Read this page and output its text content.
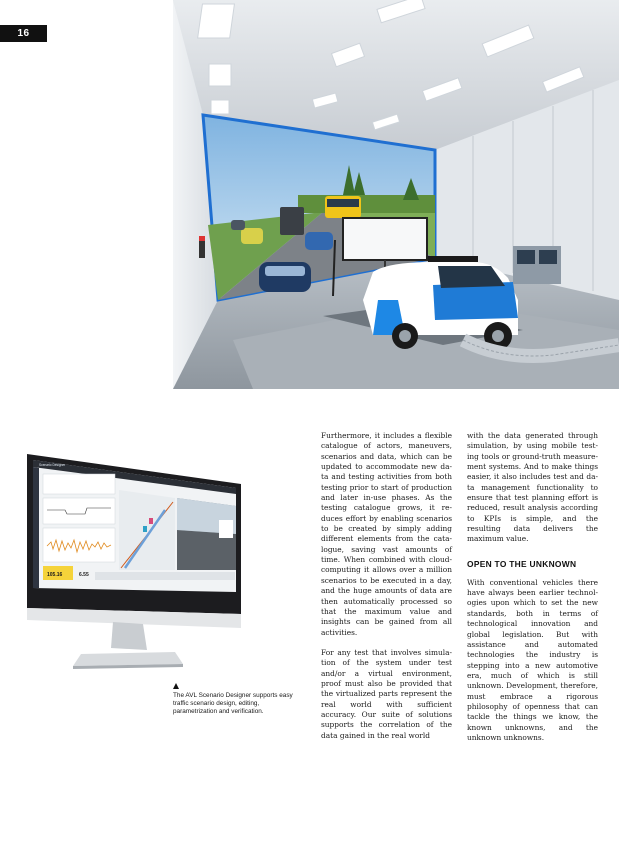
16
Scenario Designer
105.16	6.55

The AVL Scenario Designer supports easy traffic scenario design, editing, parametrization and verification.

Furthermore, it includes a flexible catalogue of actors, maneuvers, scenarios and data, which can be updated to accommodate new data and testing activities from both testing prior to start of production and later in-use phases. As the testing catalogue grows, it reduces effort by enabling scenarios to be created by simply adding different elements from the catalogue, saving vast amounts of time. When combined with cloud-computing it allows over a million scenarios to be executed in a day, and the huge amounts of data are then automatically processed so that the maximum value and insights can be gained from all activities.

For any test that involves simulation of the system under test and/or a virtual environment, proof must also be provided that the virtualized parts represent the real world with sufficient accuracy. Our suite of solutions supports the correlation of the data gained in the real world

with the data generated through simulation, by using mobile testing tools or ground-truth measurement systems. And to make things easier, it also includes test and data management functionality to ensure that test planning effort is reduced, result analysis according to KPIs is simple, and the resulting data delivers the maximum value.

OPEN TO THE UNKNOWN

With conventional vehicles there have always been earlier technologies upon which to set the new standards, both in terms of technological innovation and global legislation. But with assistance and automated technologies the industry is stepping into a new automotive era, much of which is still unknown. Development, therefore, must embrace a rigorous philosophy of openness that can tackle the things we know, the known unknowns, and the unknown unknowns.
